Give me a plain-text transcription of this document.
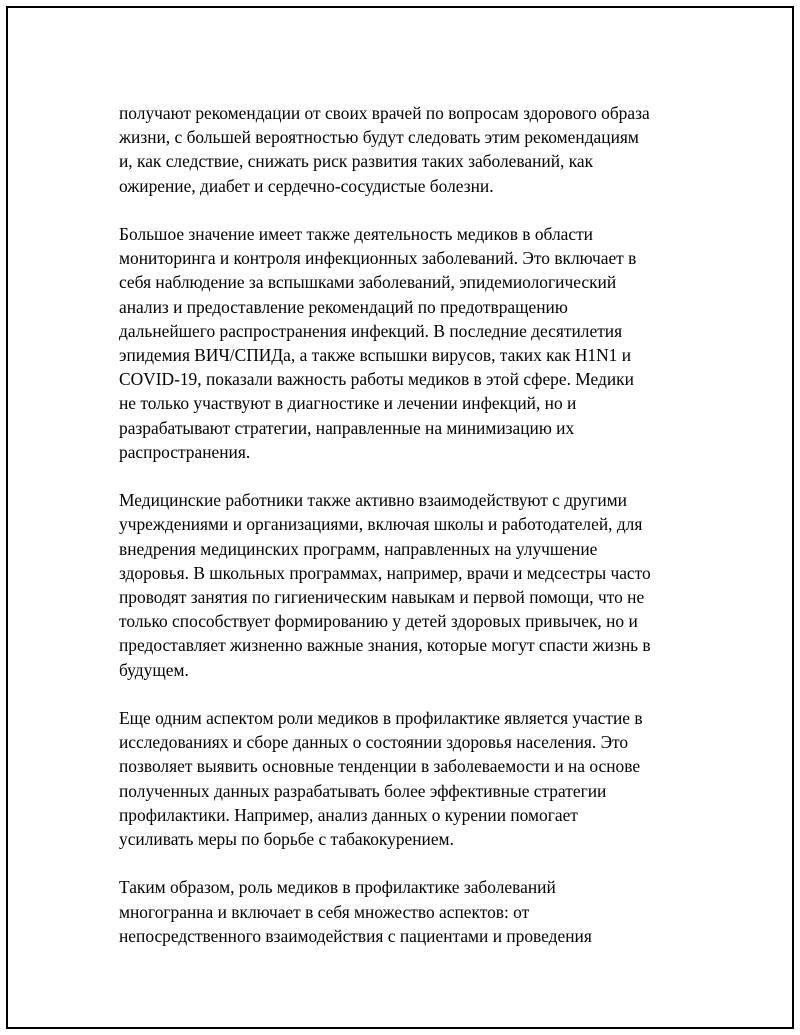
получают рекомендации от своих врачей по вопросам здорового образа
жизни, с большей вероятностью будут следовать этим рекомендациям
и, как следствие, снижать риск развития таких заболеваний, как
ожирение, диабет и сердечно-сосудистые болезни.

Большое значение имеет также деятельность медиков в области
мониторинга и контроля инфекционных заболеваний. Это включает в
себя наблюдение за вспышками заболеваний, эпидемиологический
анализ и предоставление рекомендаций по предотвращению
дальнейшего распространения инфекций. В последние десятилетия
эпидемия ВИЧ/СПИДа, а также вспышки вирусов, таких как H1N1 и
COVID-19, показали важность работы медиков в этой сфере. Медики
не только участвуют в диагностике и лечении инфекций, но и
разрабатывают стратегии, направленные на минимизацию их
распространения.

Медицинские работники также активно взаимодействуют с другими
учреждениями и организациями, включая школы и работодателей, для
внедрения медицинских программ, направленных на улучшение
здоровья. В школьных программах, например, врачи и медсестры часто
проводят занятия по гигиеническим навыкам и первой помощи, что не
только способствует формированию у детей здоровых привычек, но и
предоставляет жизненно важные знания, которые могут спасти жизнь в
будущем.

Еще одним аспектом роли медиков в профилактике является участие в
исследованиях и сборе данных о состоянии здоровья населения. Это
позволяет выявить основные тенденции в заболеваемости и на основе
полученных данных разрабатывать более эффективные стратегии
профилактики. Например, анализ данных о курении помогает
усиливать меры по борьбе с табакокурением.

Таким образом, роль медиков в профилактике заболеваний
многогранна и включает в себя множество аспектов: от
непосредственного взаимодействия с пациентами и проведения
